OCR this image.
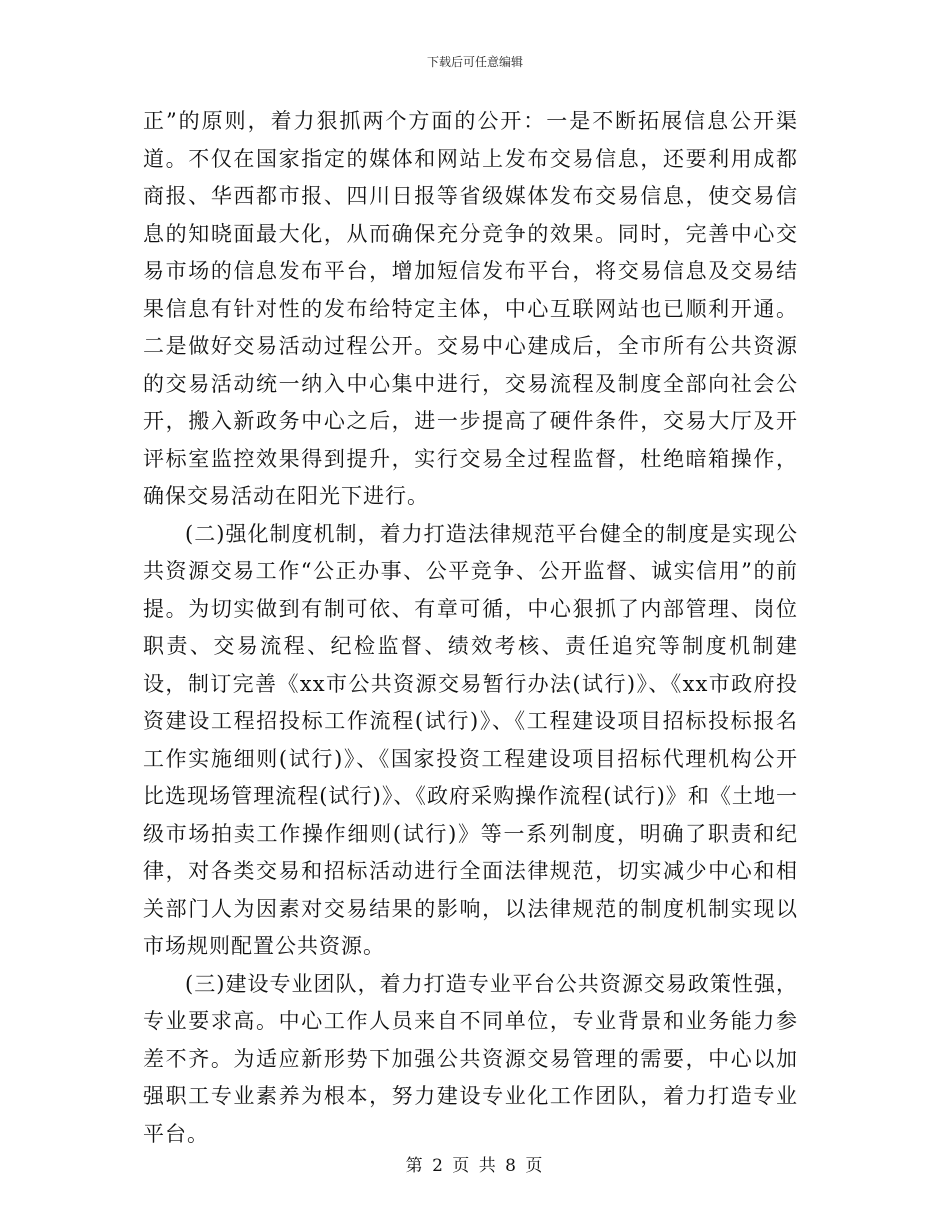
下载后可任意编辑

正”的原则，着力狠抓两个方面的公开：一是不断拓展信息公开渠道。不仅在国家指定的媒体和网站上发布交易信息，还要利用成都商报、华西都市报、四川日报等省级媒体发布交易信息，使交易信息的知晓面最大化，从而确保充分竞争的效果。同时，完善中心交易市场的信息发布平台，增加短信发布平台，将交易信息及交易结果信息有针对性的发布给特定主体，中心互联网站也已顺利开通。二是做好交易活动过程公开。交易中心建成后，全市所有公共资源的交易活动统一纳入中心集中进行，交易流程及制度全部向社会公开，搬入新政务中心之后，进一步提高了硬件条件，交易大厅及开评标室监控效果得到提升，实行交易全过程监督，杜绝暗箱操作，确保交易活动在阳光下进行。

(二)强化制度机制，着力打造法律规范平台健全的制度是实现公共资源交易工作“公正办事、公平竞争、公开监督、诚实信用”的前提。为切实做到有制可依、有章可循，中心狠抓了内部管理、岗位职责、交易流程、纪检监督、绩效考核、责任追究等制度机制建设，制订完善《xx市公共资源交易暂行办法(试行)》、《xx市政府投资建设工程招投标工作流程(试行)》、《工程建设项目招标投标报名工作实施细则(试行)》、《国家投资工程建设项目招标代理机构公开比选现场管理流程(试行)》、《政府采购操作流程(试行)》和《土地一级市场拍卖工作操作细则(试行)》等一系列制度，明确了职责和纪律，对各类交易和招标活动进行全面法律规范，切实减少中心和相关部门人为因素对交易结果的影响，以法律规范的制度机制实现以市场规则配置公共资源。

(三)建设专业团队，着力打造专业平台公共资源交易政策性强，专业要求高。中心工作人员来自不同单位，专业背景和业务能力参差不齐。为适应新形势下加强公共资源交易管理的需要，中心以加强职工专业素养为根本，努力建设专业化工作团队，着力打造专业平台。

第 2 页 共 8 页
